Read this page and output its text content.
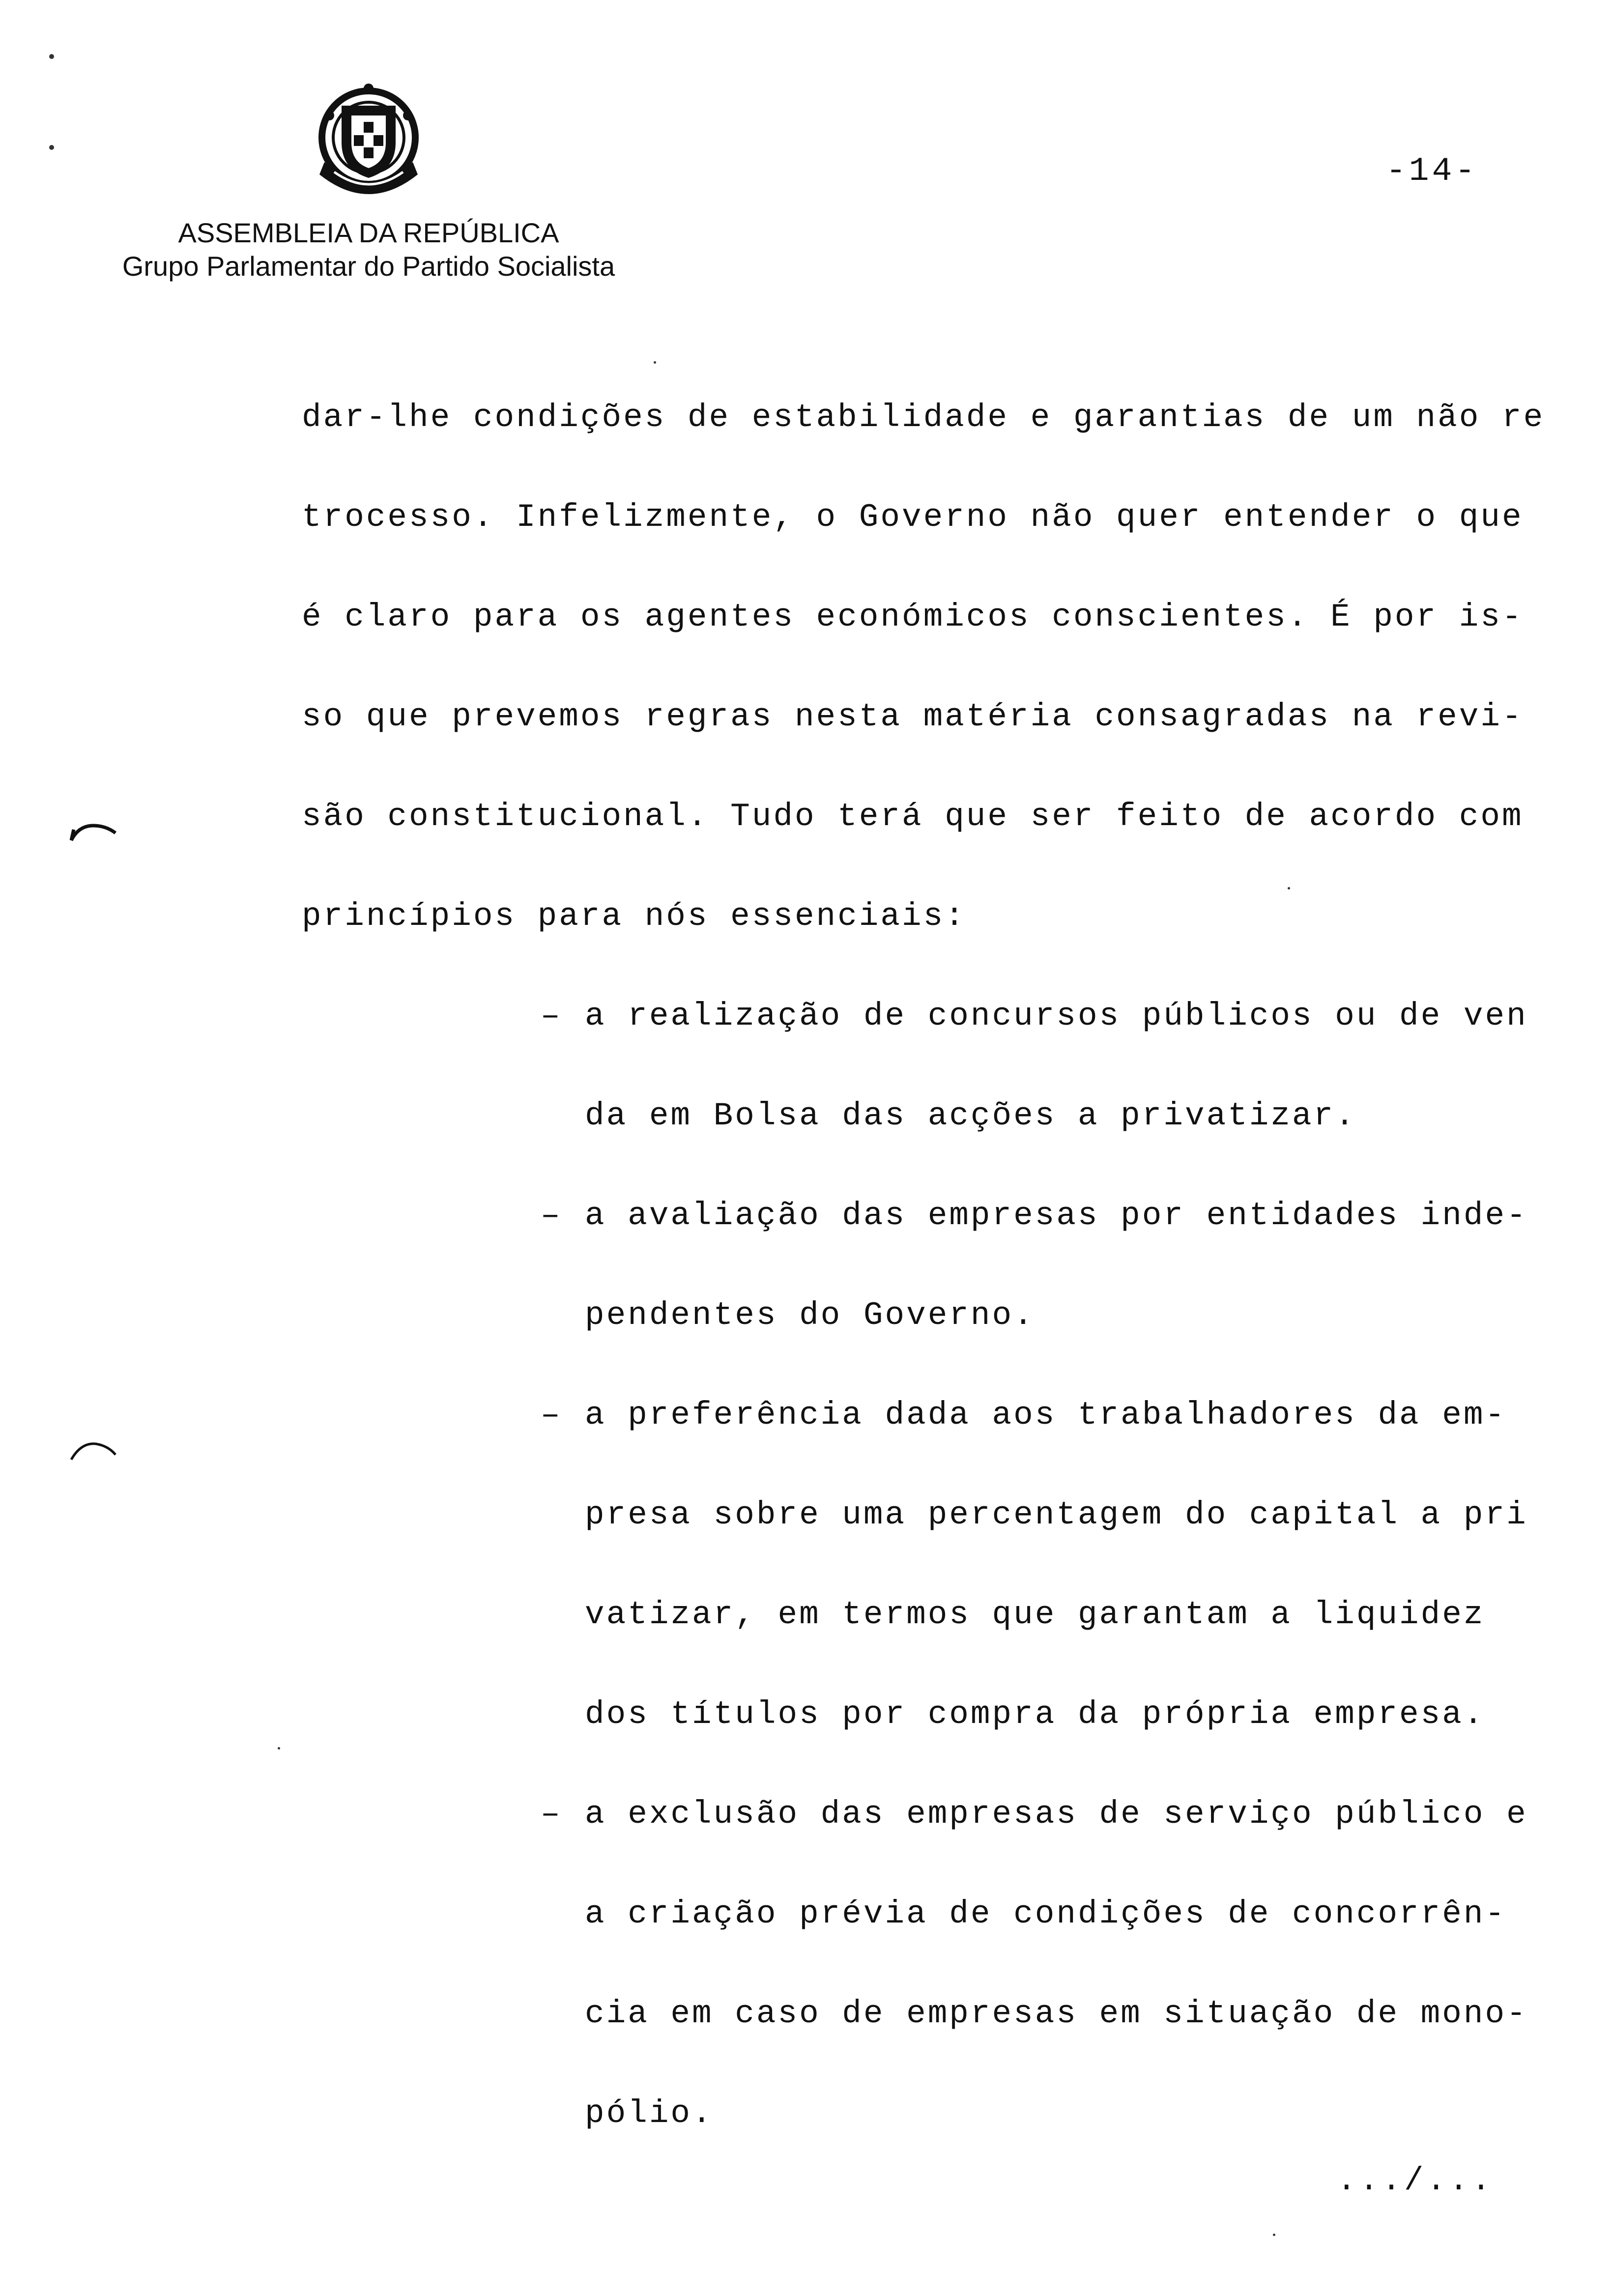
ASSEMBLEIA DA REPÚBLICA
Grupo Parlamentar do Partido Socialista
-14-
dar-lhe condições de estabilidade e garantias de um não re
trocesso. Infelizmente, o Governo não quer entender o que
é claro para os agentes económicos conscientes. É por is-
so que prevemos regras nesta matéria consagradas na revi-
são constitucional. Tudo terá que ser feito de acordo com
princípios para nós essenciais:
– a realização de concursos públicos ou de ven
da em Bolsa das acções a privatizar.
– a avaliação das empresas por entidades inde-
pendentes do Governo.
– a preferência dada aos trabalhadores da em-
presa sobre uma percentagem do capital a pri
vatizar, em termos que garantam a liquidez
dos títulos por compra da própria empresa.
– a exclusão das empresas de serviço público e
a criação prévia de condições de concorrên-
cia em caso de empresas em situação de mono-
pólio.
.../...
